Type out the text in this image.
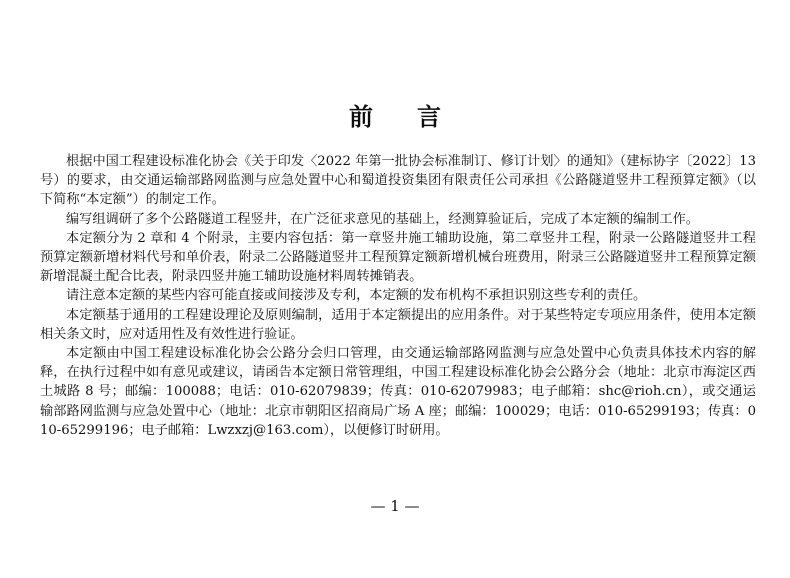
前言

根据中国工程建设标准化协会《关于印发〈2022 年第一批协会标准制订、修订计划〉的通知》（建标协字〔2022〕13 号）的要求，由交通运输部路网监测与应急处置中心和蜀道投资集团有限责任公司承担《公路隧道竖井工程预算定额》（以下简称“本定额”）的制定工作。

编写组调研了多个公路隧道工程竖井，在广泛征求意见的基础上，经测算验证后，完成了本定额的编制工作。

本定额分为 2 章和 4 个附录，主要内容包括：第一章竖井施工辅助设施，第二章竖井工程，附录一公路隧道竖井工程预算定额新增材料代号和单价表，附录二公路隧道竖井工程预算定额新增机械台班费用，附录三公路隧道竖井工程预算定额新增混凝土配合比表，附录四竖井施工辅助设施材料周转摊销表。

请注意本定额的某些内容可能直接或间接涉及专利，本定额的发布机构不承担识别这些专利的责任。

本定额基于通用的工程建设理论及原则编制，适用于本定额提出的应用条件。对于某些特定专项应用条件，使用本定额相关条文时，应对适用性及有效性进行验证。

本定额由中国工程建设标准化协会公路分会归口管理，由交通运输部路网监测与应急处置中心负责具体技术内容的解释，在执行过程中如有意见或建议，请函告本定额日常管理组，中国工程建设标准化协会公路分会（地址：北京市海淀区西土城路 8 号；邮编：100088；电话：010-62079839；传真：010-62079983；电子邮箱：shc@rioh.cn），或交通运输部路网监测与应急处置中心（地址：北京市朝阳区招商局广场 A 座；邮编：100029；电话：010-65299193；传真：010-65299196；电子邮箱：Lwzxzj@163.com），以便修订时研用。

— 1 —
